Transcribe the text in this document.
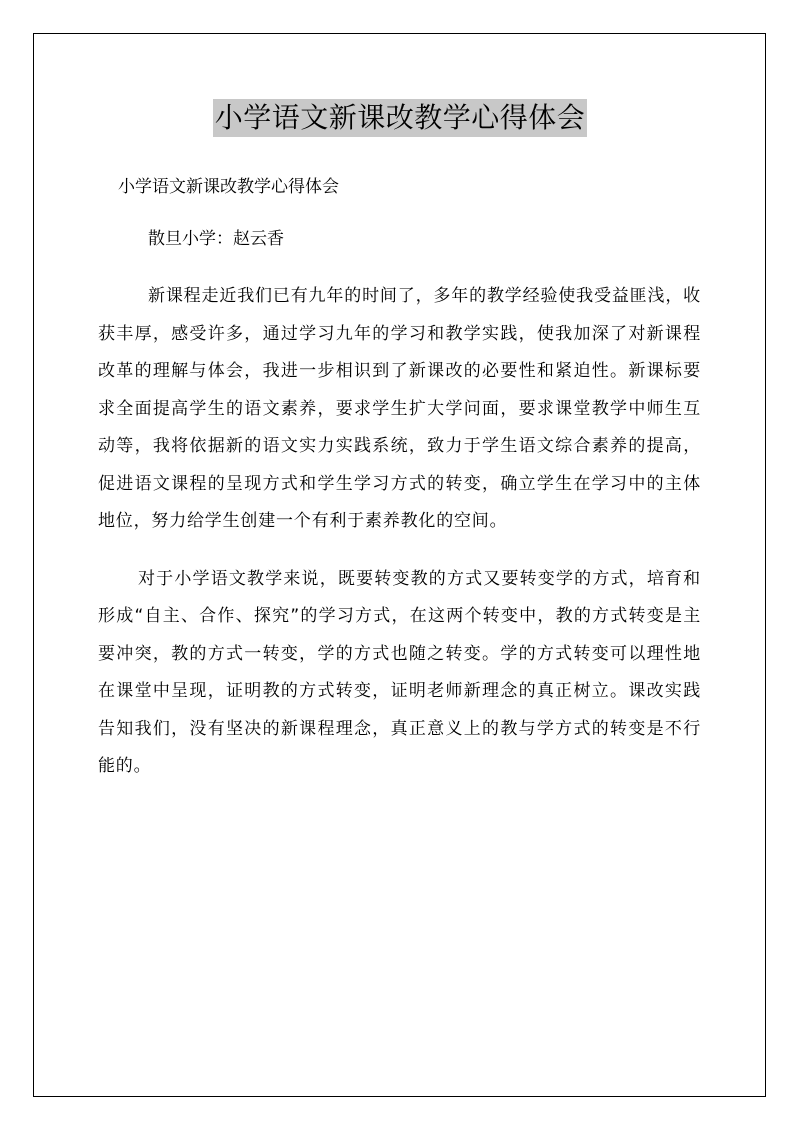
小学语文新课改教学心得体会
小学语文新课改教学心得体会
散旦小学：赵云香
新课程走近我们已有九年的时间了，多年的教学经验使我受益匪浅，收获丰厚，感受许多，通过学习九年的学习和教学实践，使我加深了对新课程改革的理解与体会，我进一步相识到了新课改的必要性和紧迫性。新课标要求全面提高学生的语文素养，要求学生扩大学问面，要求课堂教学中师生互动等，我将依据新的语文实力实践系统，致力于学生语文综合素养的提高，促进语文课程的呈现方式和学生学习方式的转变，确立学生在学习中的主体地位，努力给学生创建一个有利于素养教化的空间。
对于小学语文教学来说，既要转变教的方式又要转变学的方式，培育和形成“自主、合作、探究”的学习方式，在这两个转变中，教的方式转变是主要冲突，教的方式一转变，学的方式也随之转变。学的方式转变可以理性地在课堂中呈现，证明教的方式转变，证明老师新理念的真正树立。课改实践告知我们，没有坚决的新课程理念，真正意义上的教与学方式的转变是不行能的。
